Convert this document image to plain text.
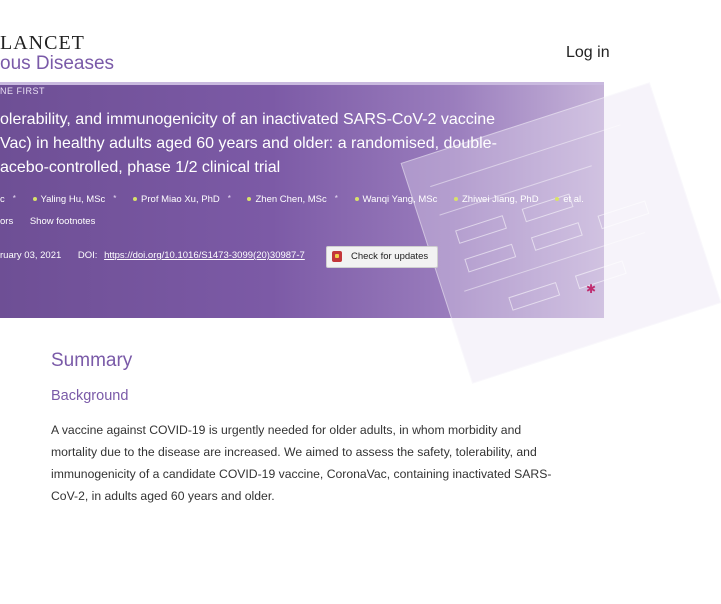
LANCET
ous Diseases
Log in
NE FIRST
olerability, and immunogenicity of an inactivated SARS-CoV-2 vaccine
Vac) in healthy adults aged 60 years and older: a randomised, double-
acebo-controlled, phase 1/2 clinical trial
c *	Yaling Hu, MSc *	Prof Miao Xu, PhD *	Zhen Chen, MSc *	Wanqi Yang, MSc	Zhiwei Jiang, PhD	et al.
ors Show footnotes
ruary 03, 2021 DOI: https://doi.org/10.1016/S1473-3099(20)30987-7	Check for updates
✱
Summary
Background
A vaccine against COVID-19 is urgently needed for older adults, in whom morbidity and
mortality due to the disease are increased. We aimed to assess the safety, tolerability, and
immunogenicity of a candidate COVID-19 vaccine, CoronaVac, containing inactivated SARS-
CoV-2, in adults aged 60 years and older.
